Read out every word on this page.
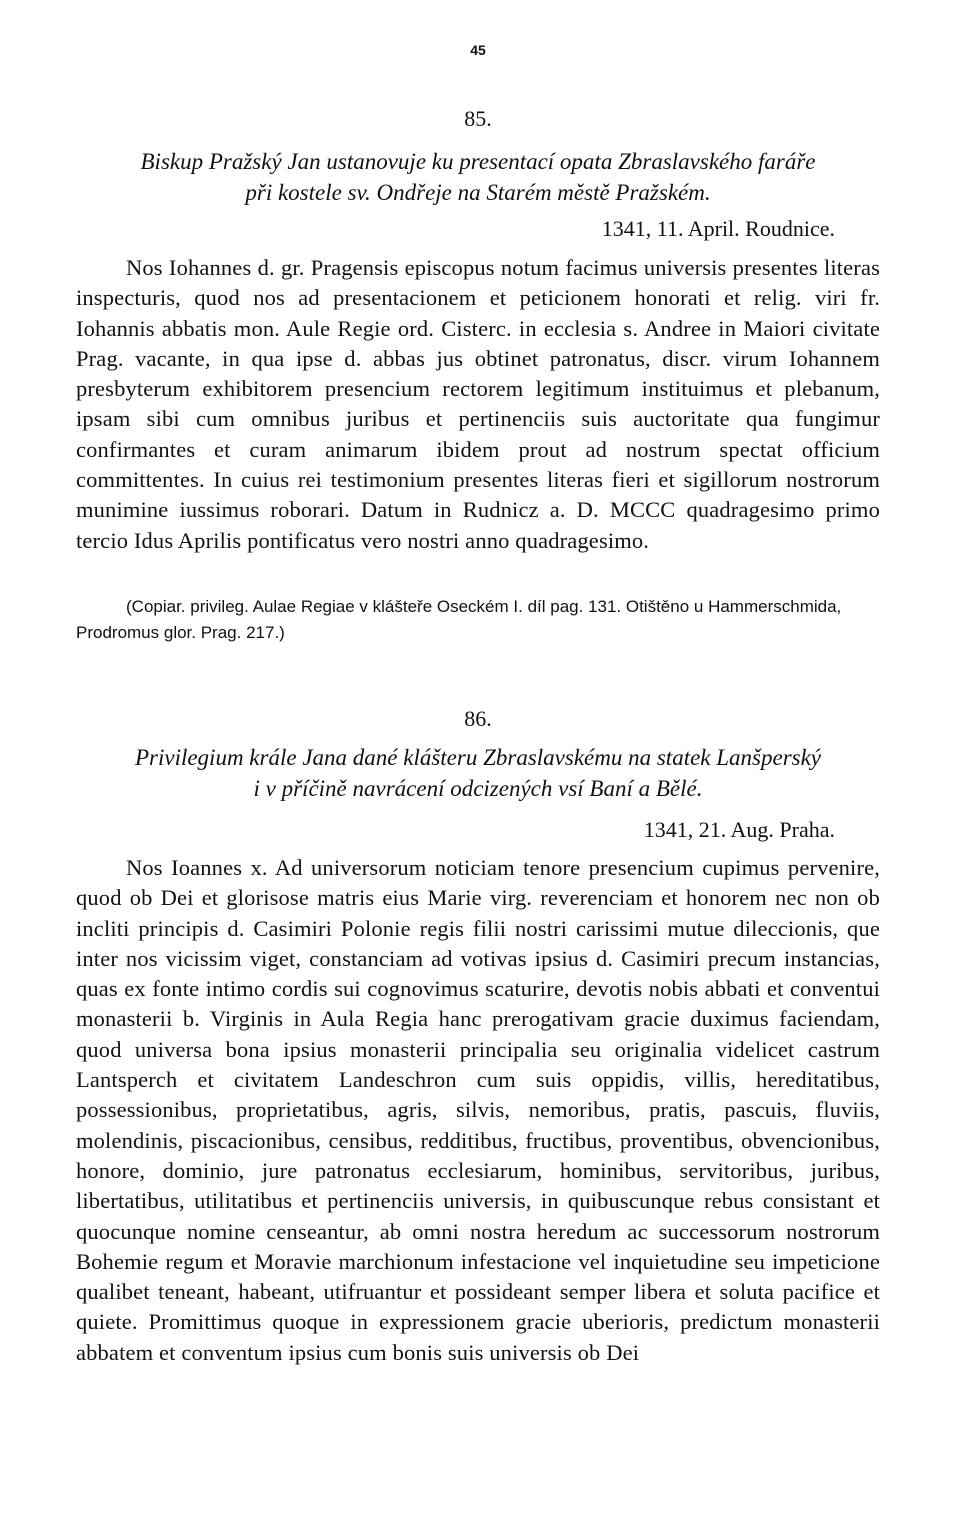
45
85.
Biskup Pražský Jan ustanovuje ku presentací opata Zbraslavského faráře
při kostele sv. Ondřeje na Starém městě Pražském.
1341, 11. April. Roudnice.

Nos Iohannes d. gr. Pragensis episcopus notum facimus universis presentes literas inspecturis, quod nos ad presentacionem et peticionem honorati et relig. viri fr. Iohannis abbatis mon. Aule Regie ord. Cisterc. in ecclesia s. Andree in Maiori civitate Prag. vacante, in qua ipse d. abbas jus obtinet patronatus, discr. virum Iohannem presbyterum exhibitorem presencium rectorem legitimum instituimus et plebanum, ipsam sibi cum omnibus juribus et pertinenciis suis auctoritate qua fungimur confirmantes et curam animarum ibidem prout ad nostrum spectat officium committentes. In cuius rei testimonium presentes literas fieri et sigillorum nostrorum munimine iussimus roborari. Datum in Rudnicz a. D. MCCC quadragesimo primo tercio Idus Aprilis pontificatus vero nostri anno quadragesimo.

(Copiar. privileg. Aulae Regiae v klášteře Oseckém I. díl pag. 131. Otištěno u Hammerschmida, Prodromus glor. Prag. 217.)

86.
Privilegium krále Jana dané klášteru Zbraslavskému na statek Lanšperský
i v příčině navrácení odcizených vsí Baní a Bělé.
1341, 21. Aug. Praha.

Nos Ioannes x. Ad universorum noticiam tenore presencium cupimus pervenire, quod ob Dei et glorisose matris eius Marie virg. reverenciam et honorem nec non ob incliti principis d. Casimiri Polonie regis filii nostri carissimi mutue dileccionis, que inter nos vicissim viget, constanciam ad votivas ipsius d. Casimiri precum instancias, quas ex fonte intimo cordis sui cognovimus scaturire, devotis nobis abbati et conventui monasterii b. Virginis in Aula Regia hanc prerogativam gracie duximus faciendam, quod universa bona ipsius monasterii principalia seu originalia videlicet castrum Lantsperch et civitatem Landeschron cum suis oppidis, villis, hereditatibus, possessionibus, proprietatibus, agris, silvis, nemoribus, pratis, pascuis, fluviis, molendinis, piscacionibus, censibus, redditibus, fructibus, proventibus, obvencionibus, honore, dominio, jure patronatus ecclesiarum, hominibus, servitoribus, juribus, libertatibus, utilitatibus et pertinenciis universis, in quibuscunque rebus consistant et quocunque nomine censeantur, ab omni nostra heredum ac successorum nostrorum Bohemie regum et Moravie marchionum infestacione vel inquietudine seu impeticione qualibet teneant, habeant, utifruantur et possideant semper libera et soluta pacifice et quiete. Promittimus quoque in expressionem gracie uberioris, predictum monasterii abbatem et conventum ipsius cum bonis suis universis ob Dei
